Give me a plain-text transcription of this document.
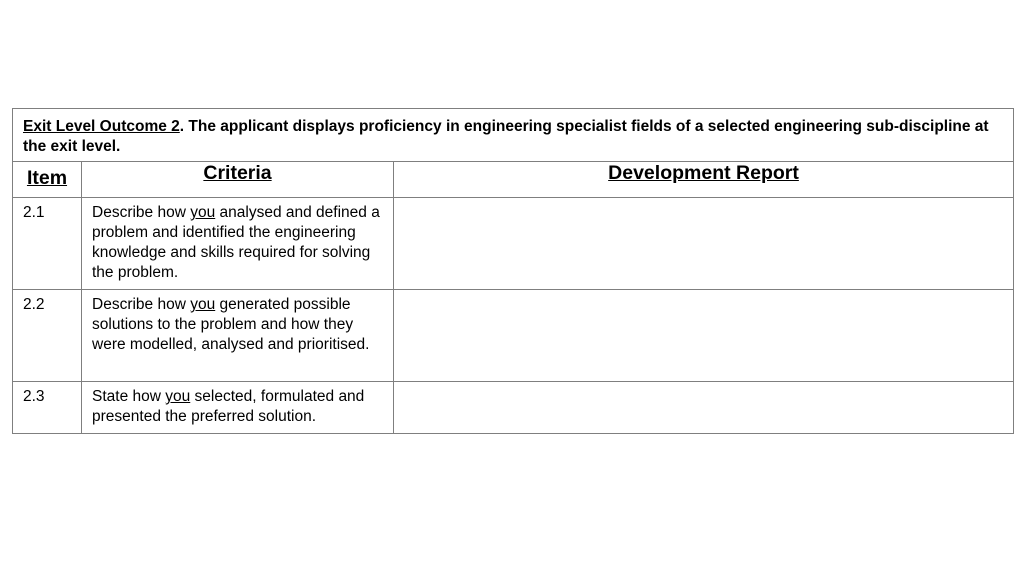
Exit Level Outcome 2. The applicant displays proficiency in engineering specialist fields of a selected engineering sub-discipline at the exit level.		
Item	Criteria	Development Report
2.1	Describe how you analysed and defined a problem and identified the engineering knowledge and skills required for solving the problem.	
2.2	Describe how you generated possible solutions to the problem and how they were modelled, analysed and prioritised.	
2.3	State how you selected, formulated and presented the preferred solution.	
